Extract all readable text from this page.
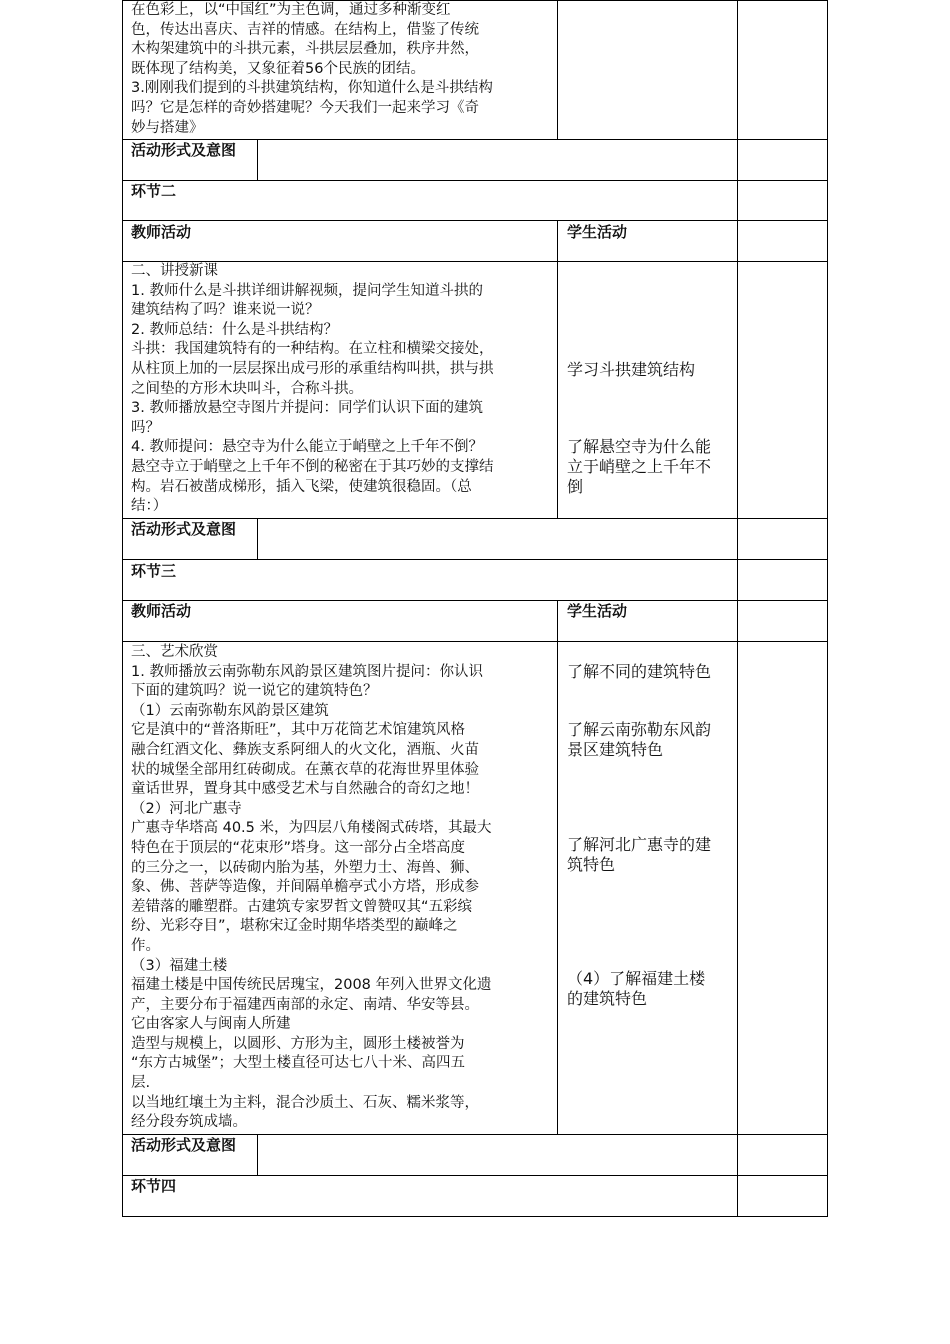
在色彩上，以“中国红”为主色调，通过多种渐变红

色，传达出喜庆、吉祥的情感。在结构上，借鉴了传统

木构架建筑中的斗拱元素，斗拱层层叠加，秩序井然，

既体现了结构美，又象征着56个民族的团结。

3.刚刚我们提到的斗拱建筑结构，你知道什么是斗拱结构

吗？它是怎样的奇妙搭建呢？今天我们一起来学习《奇

妙与搭建》

活动形式及意图
环节二
教师活动	学生活动

二、讲授新课

1. 教师什么是斗拱详细讲解视频，提问学生知道斗拱的

建筑结构了吗？谁来说一说？

2. 教师总结：什么是斗拱结构？

斗拱：我国建筑特有的一种结构。在立柱和横梁交接处，

从柱顶上加的一层层探出成弓形的承重结构叫拱，拱与拱

之间垫的方形木块叫斗，合称斗拱。

3. 教师播放悬空寺图片并提问：同学们认识下面的建筑

吗？

4. 教师提问：悬空寺为什么能立于峭壁之上千年不倒？

悬空寺立于峭壁之上千年不倒的秘密在于其巧妙的支撑结

构。岩石被凿成梯形，插入飞梁，使建筑很稳固。（总

结：）

学习斗拱建筑结构

了解悬空寺为什么能

立于峭壁之上千年不

倒

活动形式及意图
环节三
教师活动	学生活动

三、艺术欣赏

1. 教师播放云南弥勒东风韵景区建筑图片提问：你认识

下面的建筑吗？说一说它的建筑特色？

（1）云南弥勒东风韵景区建筑

它是滇中的“普洛斯旺”，其中万花筒艺术馆建筑风格

融合红酒文化、彝族支系阿细人的火文化，酒瓶、火苗

状的城堡全部用红砖砌成。在薰衣草的花海世界里体验

童话世界，置身其中感受艺术与自然融合的奇幻之地！

（2）河北广惠寺

广惠寺华塔高 40.5 米，为四层八角楼阁式砖塔，其最大

特色在于顶层的“花束形”塔身。这一部分占全塔高度

的三分之一，以砖砌内胎为基，外塑力士、海兽、狮、

象、佛、菩萨等造像，并间隔单檐亭式小方塔，形成参

差错落的雕塑群。古建筑专家罗哲文曾赞叹其“五彩缤

纷、光彩夺目”，堪称宋辽金时期华塔类型的巅峰之

作。

（3）福建土楼

福建土楼是中国传统民居瑰宝，2008 年列入世界文化遗

产，主要分布于福建西南部的永定、南靖、华安等县。

它由客家人与闽南人所建

造型与规模上，以圆形、方形为主，圆形土楼被誉为

“东方古城堡”；大型土楼直径可达七八十米、高四五

层.

以当地红壤土为主料，混合沙质土、石灰、糯米浆等，

经分段夯筑成墙。

了解不同的建筑特色

了解云南弥勒东风韵

景区建筑特色

了解河北广惠寺的建

筑特色

（4）了解福建土楼

的建筑特色

活动形式及意图
环节四
